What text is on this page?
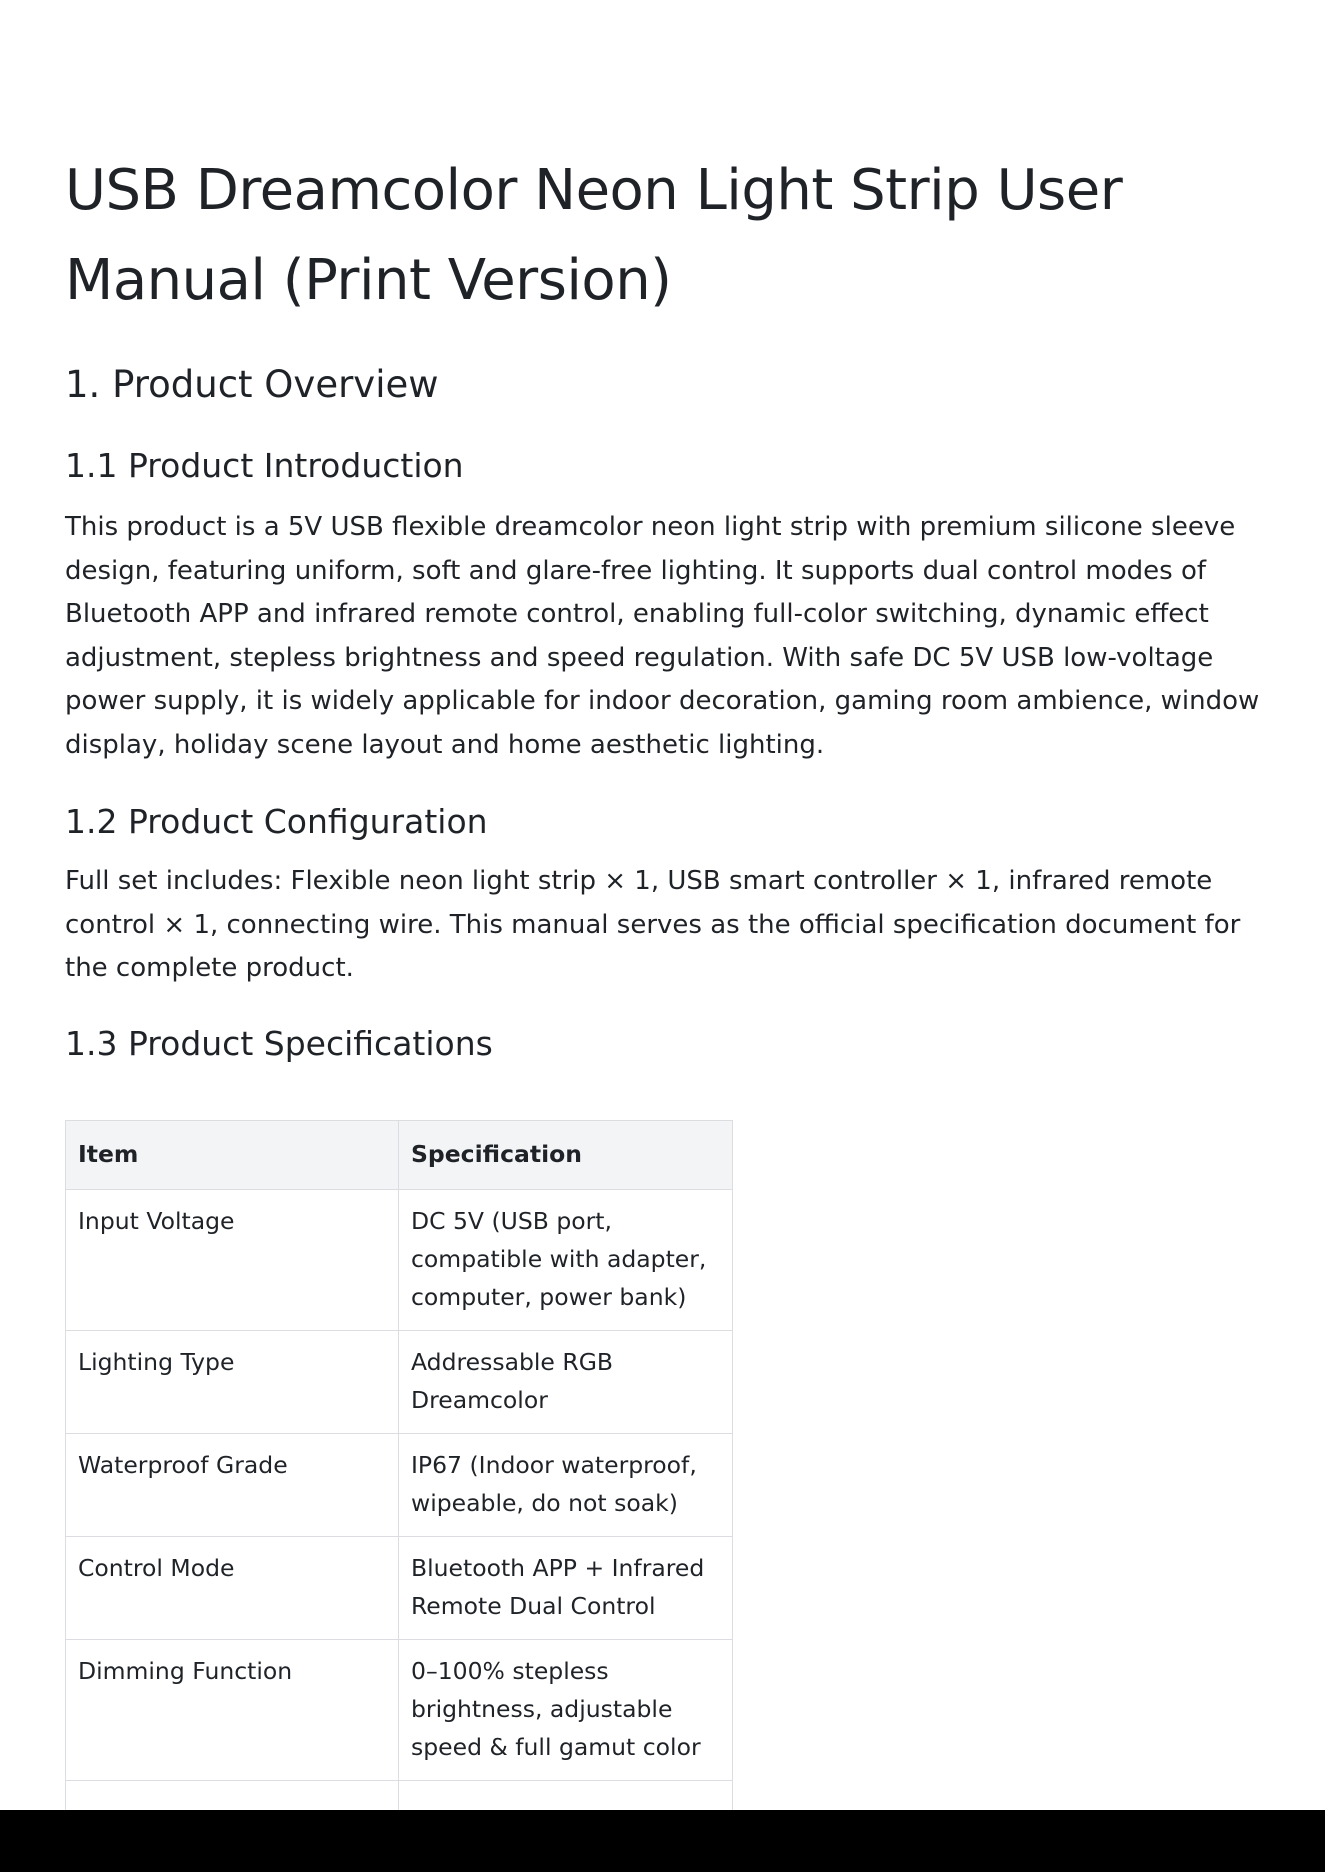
USB Dreamcolor Neon Light Strip User Manual (Print Version)
1. Product Overview
1.1 Product Introduction

This product is a 5V USB flexible dreamcolor neon light strip with premium silicone sleeve design, featuring uniform, soft and glare-free lighting. It supports dual control modes of Bluetooth APP and infrared remote control, enabling full-color switching, dynamic effect adjustment, stepless brightness and speed regulation. With safe DC 5V USB low-voltage power supply, it is widely applicable for indoor decoration, gaming room ambience, window display, holiday scene layout and home aesthetic lighting.

1.2 Product Configuration

Full set includes: Flexible neon light strip × 1, USB smart controller × 1, infrared remote control × 1, connecting wire. This manual serves as the official specification document for the complete product.

1.3 Product Specifications
Item	Specification
Input Voltage	DC 5V (USB port, compatible with adapter, computer, power bank)
Lighting Type	Addressable RGB Dreamcolor
Waterproof Grade	IP67 (Indoor waterproof, wipeable, do not soak)
Control Mode	Bluetooth APP + Infrared Remote Dual Control
Dimming Function	0–100% stepless brightness, adjustable speed & full gamut color
